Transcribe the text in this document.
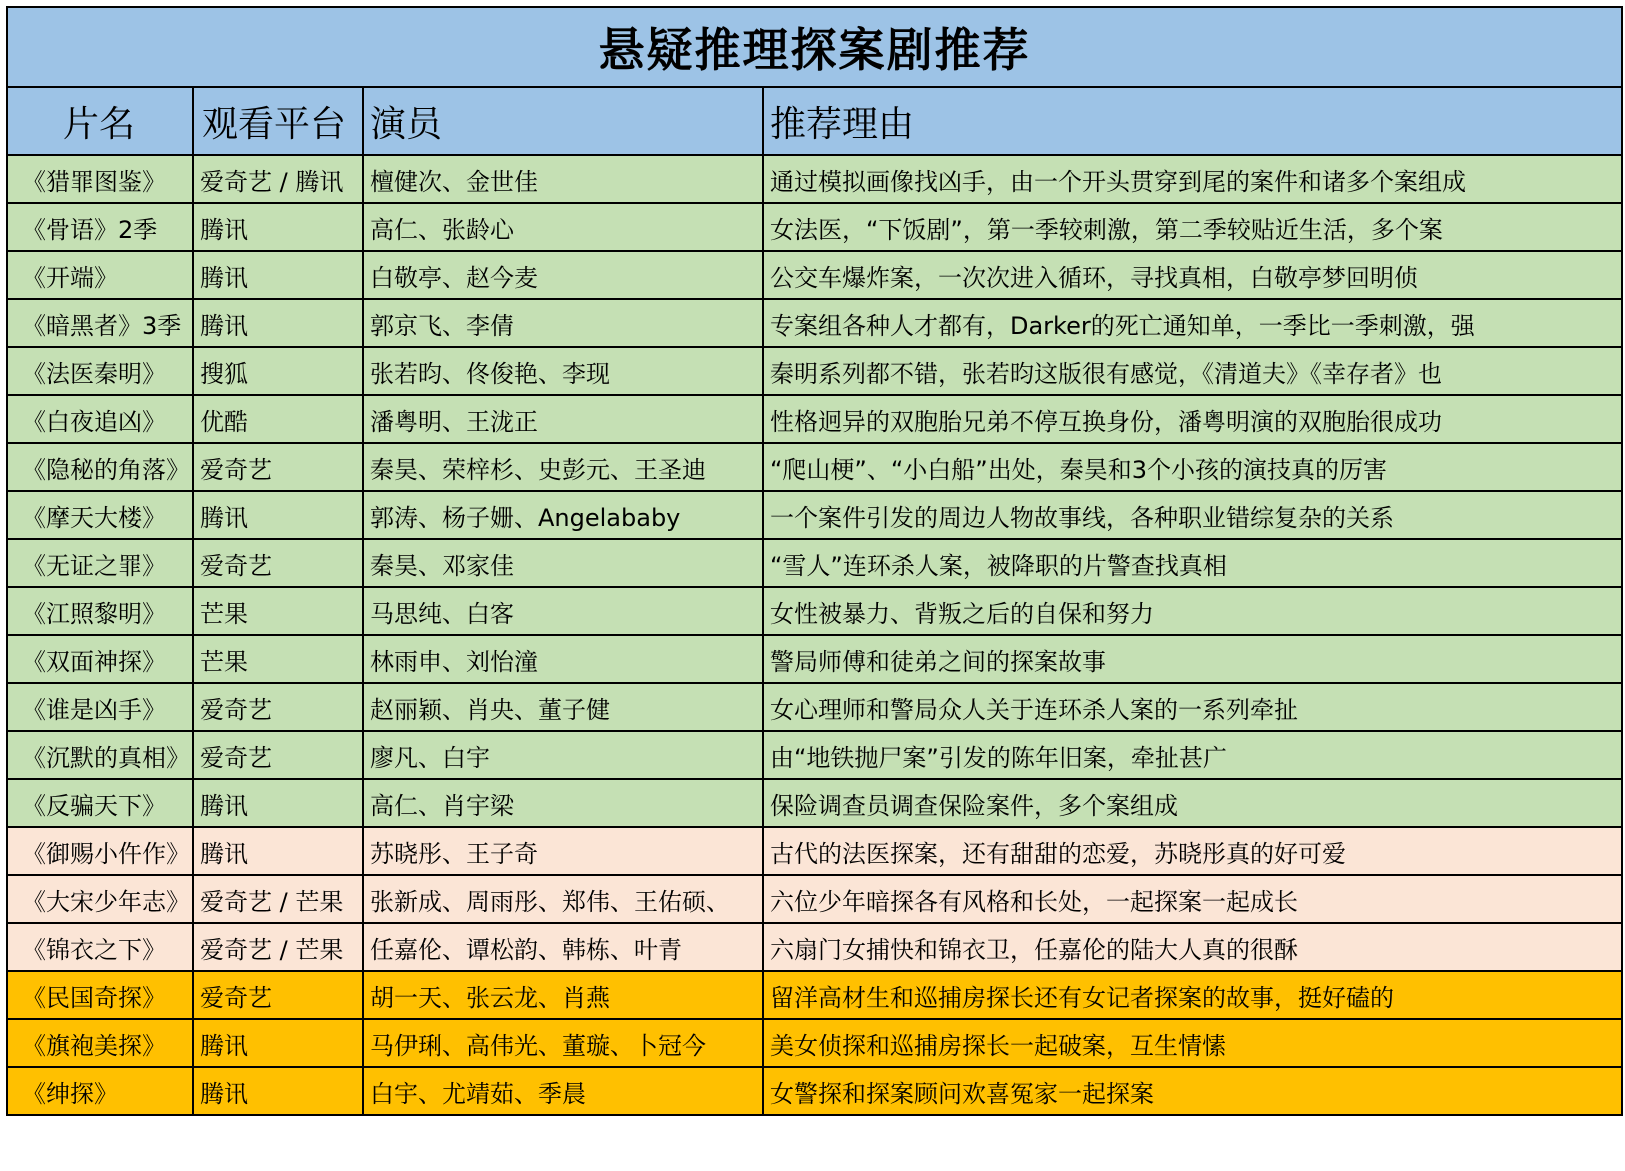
悬疑推理探案剧推荐			
片名	观看平台	演员	推荐理由
《猎罪图鉴》	爱奇艺 / 腾讯	檀健次、金世佳	通过模拟画像找凶手，由一个开头贯穿到尾的案件和诸多个案组成
《骨语》2季	腾讯	高仁、张龄心	女法医，“下饭剧”，第一季较刺激，第二季较贴近生活，多个案
《开端》	腾讯	白敬亭、赵今麦	公交车爆炸案，一次次进入循环，寻找真相，白敬亭梦回明侦
《暗黑者》3季	腾讯	郭京飞、李倩	专案组各种人才都有，Darker的死亡通知单，一季比一季刺激，强
《法医秦明》	搜狐	张若昀、佟俊艳、李现	秦明系列都不错，张若昀这版很有感觉，《清道夫》《幸存者》也
《白夜追凶》	优酷	潘粤明、王泷正	性格迥异的双胞胎兄弟不停互换身份，潘粤明演的双胞胎很成功
《隐秘的角落》	爱奇艺	秦昊、荣梓杉、史彭元、王圣迪	“爬山梗”、“小白船”出处，秦昊和3个小孩的演技真的厉害
《摩天大楼》	腾讯	郭涛、杨子姗、Angelababy	一个案件引发的周边人物故事线，各种职业错综复杂的关系
《无证之罪》	爱奇艺	秦昊、邓家佳	“雪人”连环杀人案，被降职的片警查找真相
《江照黎明》	芒果	马思纯、白客	女性被暴力、背叛之后的自保和努力
《双面神探》	芒果	林雨申、刘怡潼	警局师傅和徒弟之间的探案故事
《谁是凶手》	爱奇艺	赵丽颖、肖央、董子健	女心理师和警局众人关于连环杀人案的一系列牵扯
《沉默的真相》	爱奇艺	廖凡、白宇	由“地铁抛尸案”引发的陈年旧案，牵扯甚广
《反骗天下》	腾讯	高仁、肖宇梁	保险调查员调查保险案件，多个案组成
《御赐小仵作》	腾讯	苏晓彤、王子奇	古代的法医探案，还有甜甜的恋爱，苏晓彤真的好可爱
《大宋少年志》	爱奇艺 / 芒果	张新成、周雨彤、郑伟、王佑硕、	六位少年暗探各有风格和长处，一起探案一起成长
《锦衣之下》	爱奇艺 / 芒果	任嘉伦、谭松韵、韩栋、叶青	六扇门女捕快和锦衣卫，任嘉伦的陆大人真的很酥
《民国奇探》	爱奇艺	胡一天、张云龙、肖燕	留洋高材生和巡捕房探长还有女记者探案的故事，挺好磕的
《旗袍美探》	腾讯	马伊琍、高伟光、董璇、卜冠今	美女侦探和巡捕房探长一起破案，互生情愫
《绅探》	腾讯	白宇、尤靖茹、季晨	女警探和探案顾问欢喜冤家一起探案
